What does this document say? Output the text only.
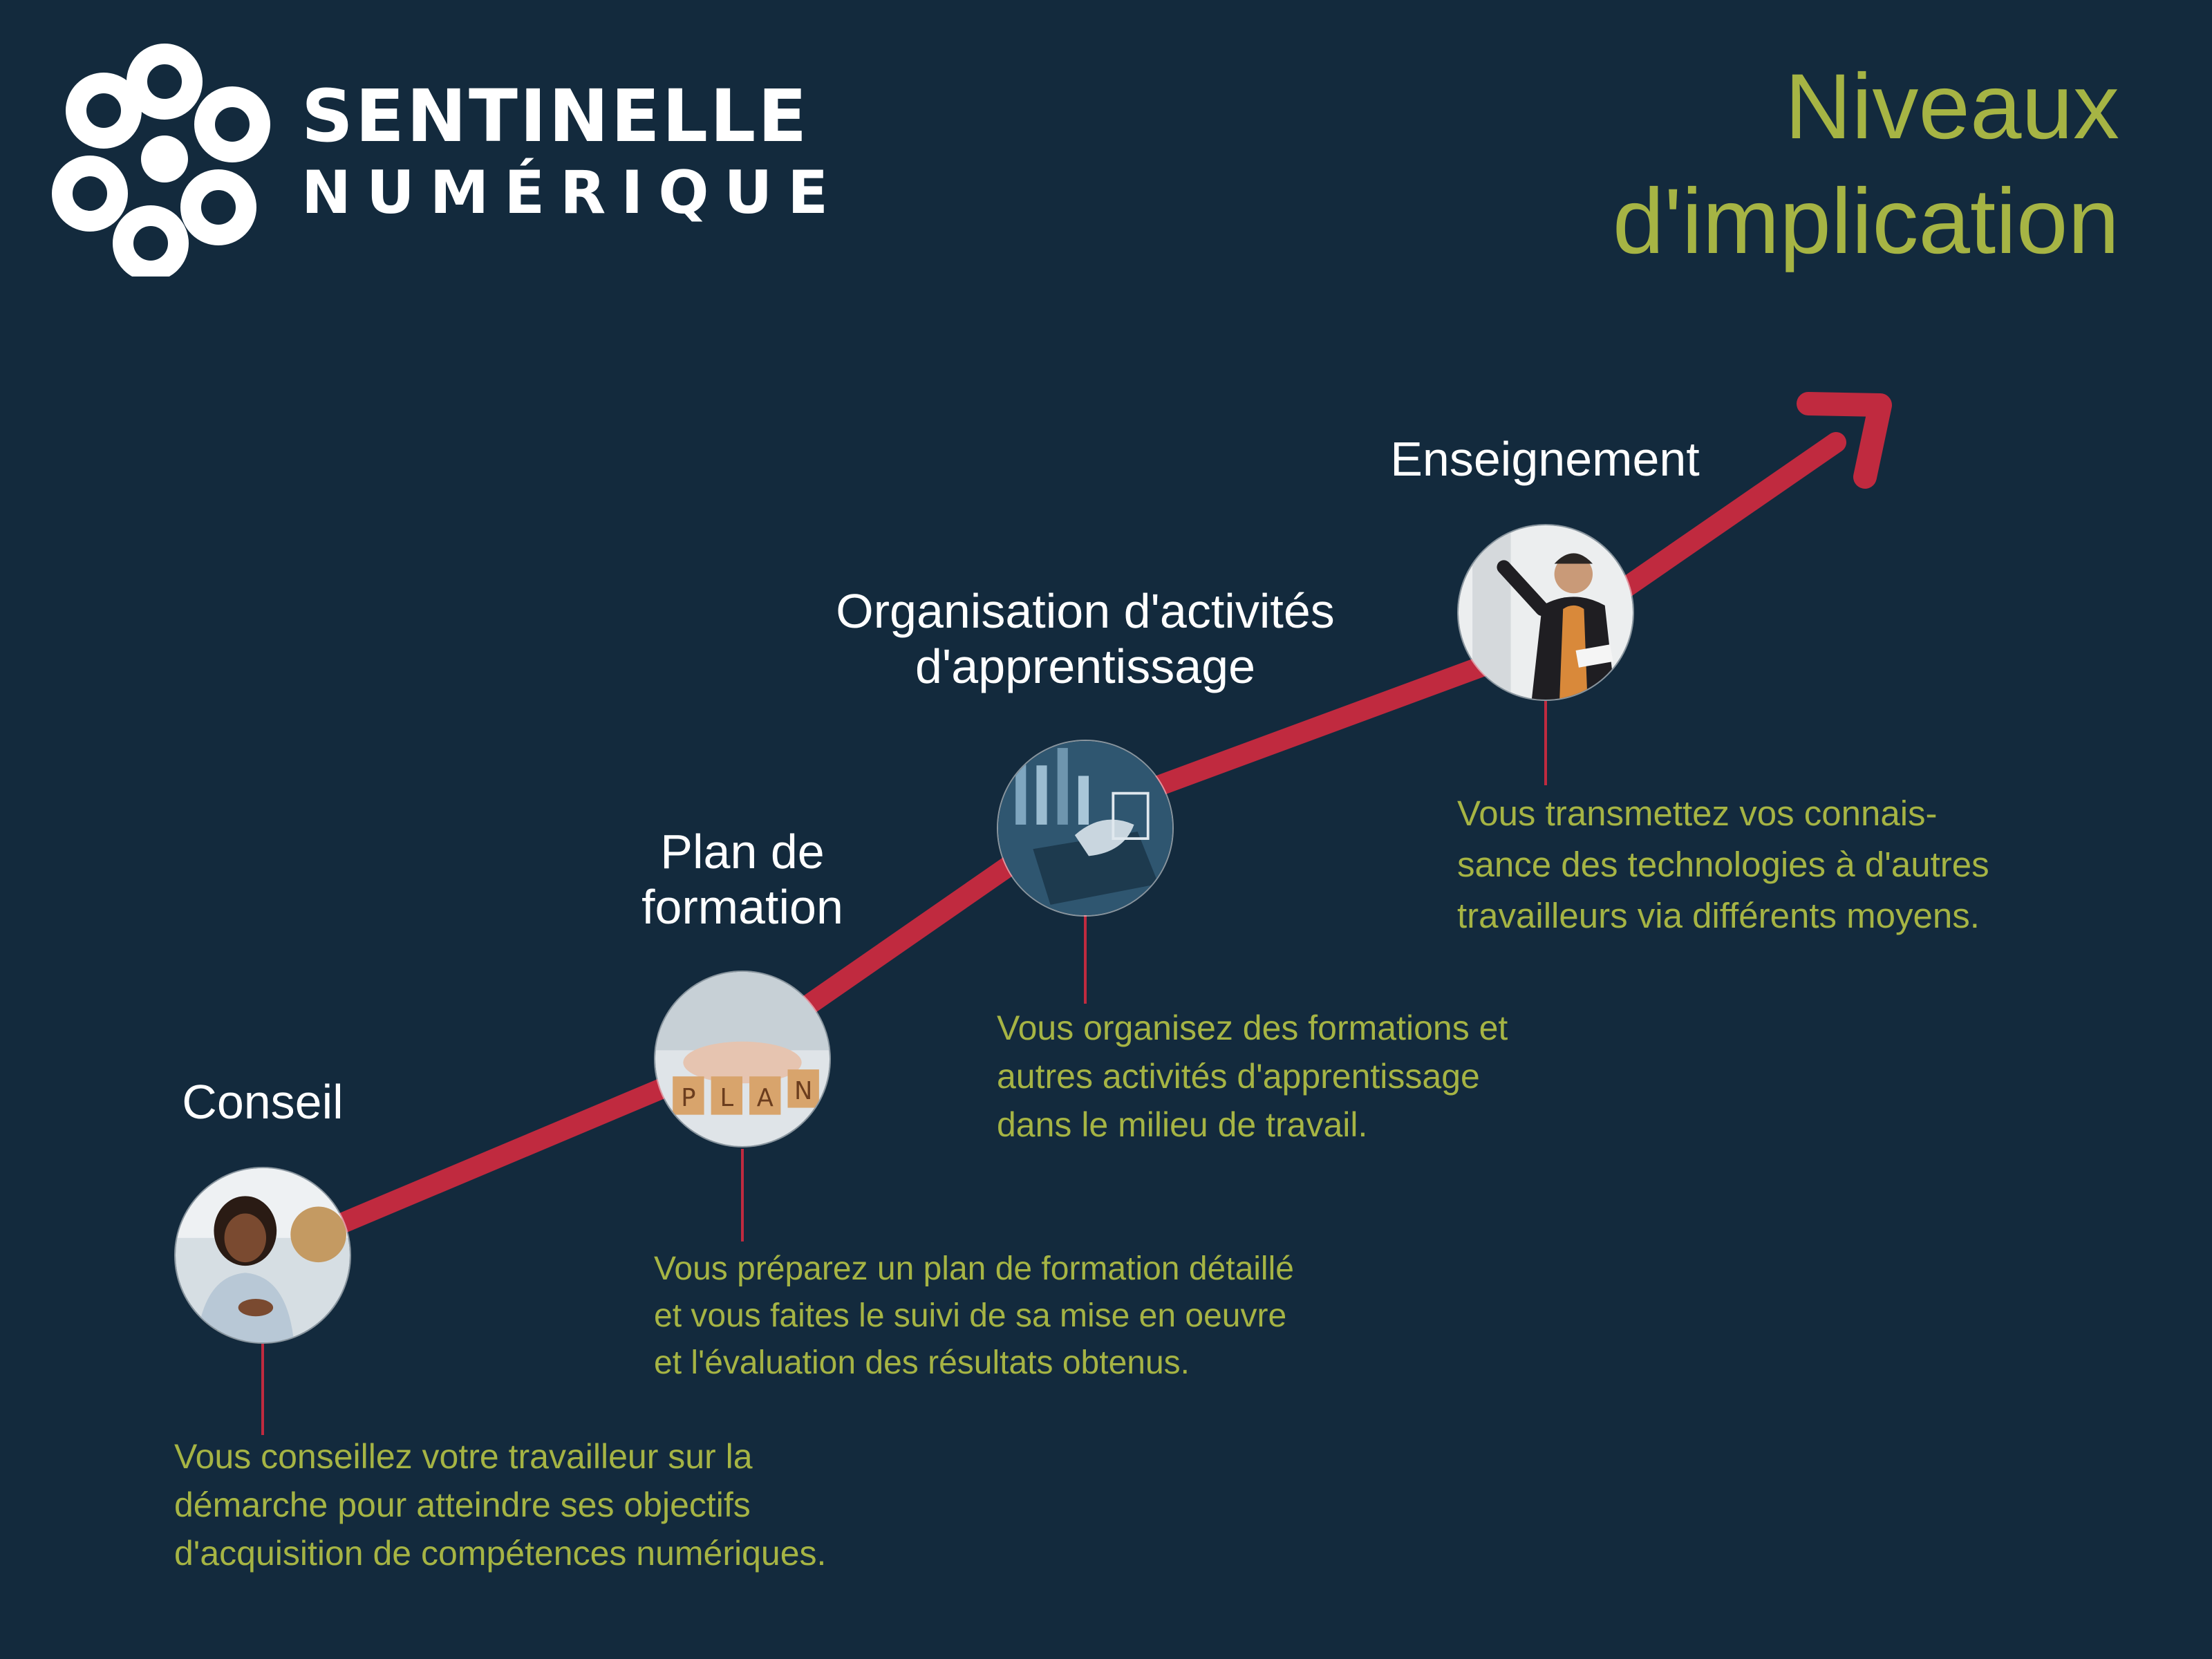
SENTINELLE
NUMÉRIQUE
Niveaux
d'implication
Conseil
Vous conseillez votre travailleur sur la
démarche pour atteindre ses objectifs
d'acquisition de compétences numériques.
Plan de
formation
P L A N
Vous préparez un plan de formation détaillé
et vous faites le suivi de sa mise en oeuvre
et l'évaluation des résultats obtenus.
Organisation d'activités
d'apprentissage
Vous organisez des formations et
autres activités d'apprentissage
dans le milieu de travail.
Enseignement
Vous transmettez vos connais-
sance des technologies à d'autres
travailleurs via différents moyens.
